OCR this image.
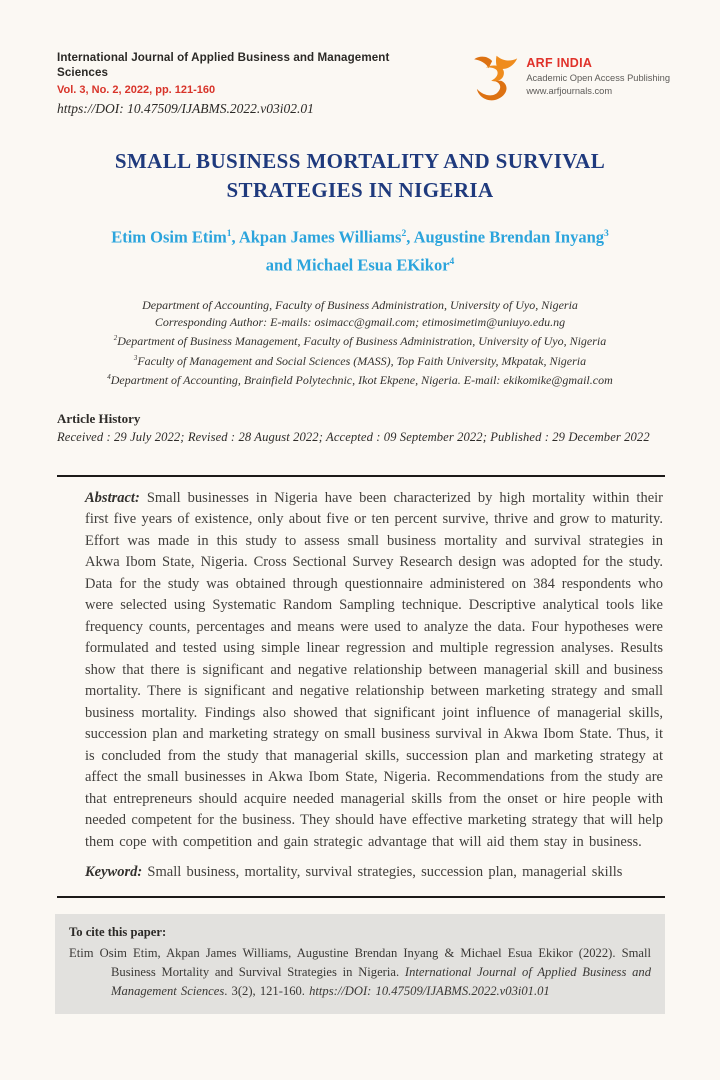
International Journal of Applied Business and Management Sciences
Vol. 3, No. 2, 2022, pp. 121-160
https://DOI: 10.47509/IJABMS.2022.v03i02.01
ARF INDIA
Academic Open Access Publishing
www.arfjournals.com
SMALL BUSINESS MORTALITY AND SURVIVAL
STRATEGIES IN NIGERIA
Etim Osim Etim$^1$, Akpan James Williams$^2$, Augustine Brendan Inyang$^3$
and Michael Esua EKikor$^4$
Department of Accounting, Faculty of Business Administration, University of Uyo, Nigeria
Corresponding Author: E-mails: osimacc@gmail.com; etimosimetim@uniuyo.edu.ng
$^2$Department of Business Management, Faculty of Business Administration, University of Uyo, Nigeria
$^3$Faculty of Management and Social Sciences (MASS), Top Faith University, Mkpatak, Nigeria
$^4$Department of Accounting, Brainfield Polytechnic, Ikot Ekpene, Nigeria. E-mail: ekikomike@gmail.com
Article History
Received : 29 July 2022; Revised : 28 August 2022; Accepted : 09 September 2022; Published : 29 December 2022

Abstract: Small businesses in Nigeria have been characterized by high mortality within their first five years of existence, only about five or ten percent survive, thrive and grow to maturity. Effort was made in this study to assess small business mortality and survival strategies in Akwa Ibom State, Nigeria. Cross Sectional Survey Research design was adopted for the study. Data for the study was obtained through questionnaire administered on 384 respondents who were selected using Systematic Random Sampling technique. Descriptive analytical tools like frequency counts, percentages and means were used to analyze the data. Four hypotheses were formulated and tested using simple linear regression and multiple regression analyses. Results show that there is significant and negative relationship between managerial skill and business mortality. There is significant and negative relationship between marketing strategy and small business mortality. Findings also showed that significant joint influence of managerial skills, succession plan and marketing strategy on small business survival in Akwa Ibom State. Thus, it is concluded from the study that managerial skills, succession plan and marketing strategy at affect the small businesses in Akwa Ibom State, Nigeria. Recommendations from the study are that entrepreneurs should acquire needed managerial skills from the onset or hire people with needed competent for the business. They should have effective marketing strategy that will help them cope with competition and gain strategic advantage that will aid them stay in business.

Keyword: Small business, mortality, survival strategies, succession plan, managerial skills

To cite this paper:

Etim Osim Etim, Akpan James Williams, Augustine Brendan Inyang & Michael Esua Ekikor (2022). Small Business Mortality and Survival Strategies in Nigeria. International Journal of Applied Business and Management Sciences. 3(2), 121-160. https://DOI: 10.47509/IJABMS.2022.v03i01.01
